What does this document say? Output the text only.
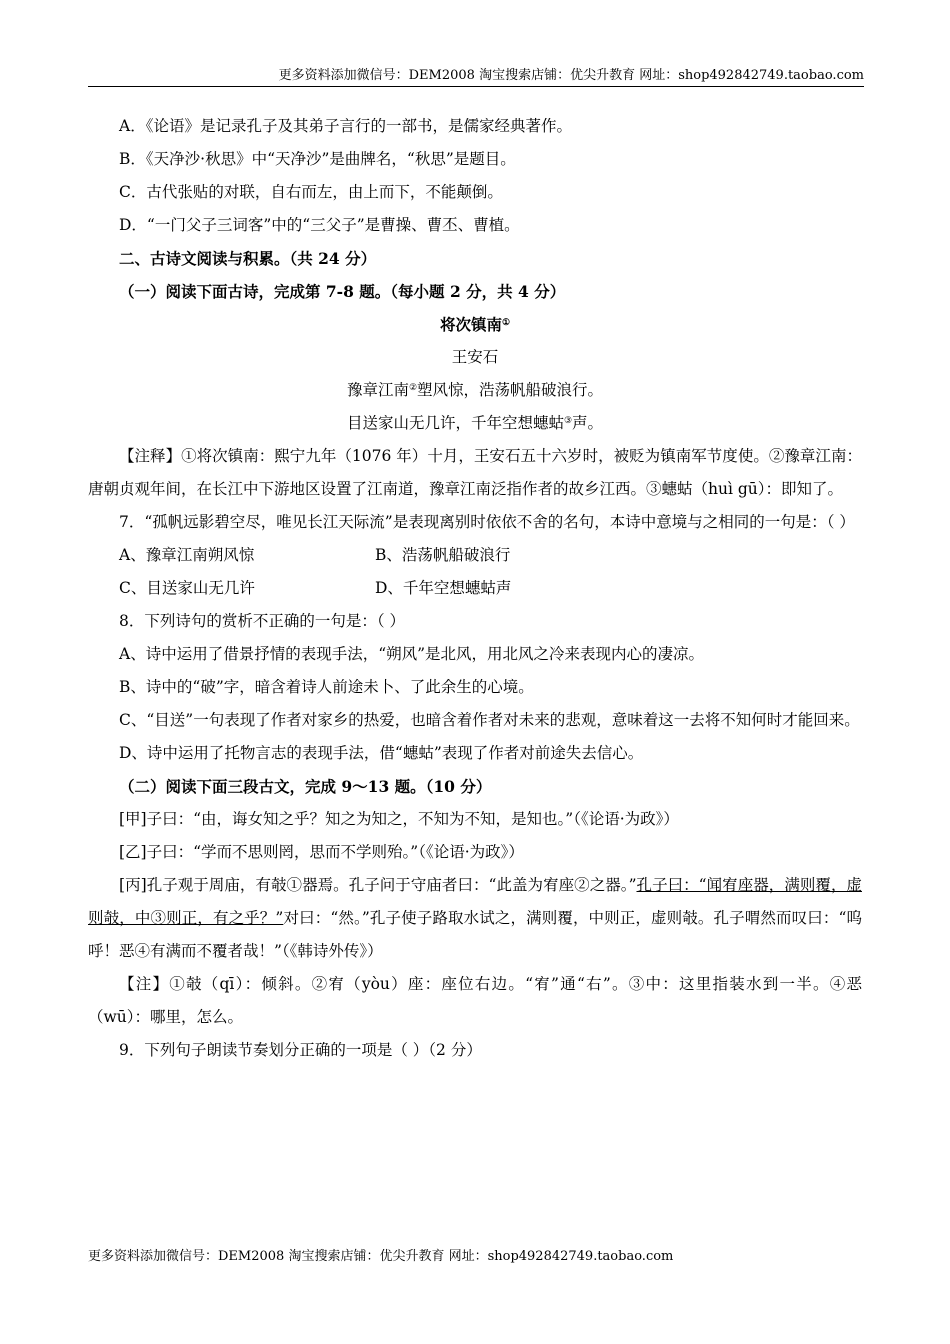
更多资料添加微信号：DEM2008 淘宝搜索店铺：优尖升教育 网址：shop492842749.taobao.com

A．《论语》是记录孔子及其弟子言行的一部书，是儒家经典著作。

B．《天净沙·秋思》中“天净沙”是曲牌名，“秋思”是题目。

C．古代张贴的对联，自右而左，由上而下，不能颠倒。

D．“一门父子三词客”中的“三父子”是曹操、曹丕、曹植。

二、古诗文阅读与积累。（共 24 分）

（一）阅读下面古诗，完成第 7-8 题。（每小题 2 分，共 4 分）

将次镇南①

王安石

豫章江南②塑风惊，浩荡帆船破浪行。

目送家山无几许，千年空想蟪蛄③声。

【注释】①将次镇南：熙宁九年（1076 年）十月，王安石五十六岁时，被贬为镇南军节度使。②豫章江南：唐朝贞观年间，在长江中下游地区设置了江南道，豫章江南泛指作者的故乡江西。③蟪蛄（huì gū）：即知了。

7．“孤帆远影碧空尽，唯见长江天际流”是表现离别时依依不舍的名句，本诗中意境与之相同的一句是：（ ）

A、豫章江南朔风惊	B、浩荡帆船破浪行
C、目送家山无几许	D、千年空想蟪蛄声

8．下列诗句的赏析不正确的一句是：（ ）

A、诗中运用了借景抒情的表现手法，“朔风”是北风，用北风之冷来表现内心的凄凉。

B、诗中的“破”字，暗含着诗人前途未卜、了此余生的心境。

C、“目送”一句表现了作者对家乡的热爱，也暗含着作者对未来的悲观，意味着这一去将不知何时才能回来。

D、诗中运用了托物言志的表现手法，借“蟪蛄”表现了作者对前途失去信心。

（二）阅读下面三段古文，完成 9～13 题。（10 分）

[甲]子曰：“由，诲女知之乎？知之为知之，不知为不知，是知也。”（《论语·为政》）

[乙]子曰：“学而不思则罔，思而不学则殆。”（《论语·为政》）

[丙]孔子观于周庙，有攲①器焉。孔子问于守庙者曰：“此盖为宥座②之器。”孔子曰：“闻宥座器，满则覆，虚则攲，中③则正，有之乎？”对曰：“然。”孔子使子路取水试之，满则覆，中则正，虚则攲。孔子喟然而叹曰：“呜呼！恶④有满而不覆者哉！”（《韩诗外传》）

【注】①攲（qī）：倾斜。②宥（yòu）座：座位右边。“宥”通“右”。③中：这里指装水到一半。④恶（wū）：哪里，怎么。

9．下列句子朗读节奏划分正确的一项是（ ）（2 分）

更多资料添加微信号：DEM2008 淘宝搜索店铺：优尖升教育 网址：shop492842749.taobao.com
